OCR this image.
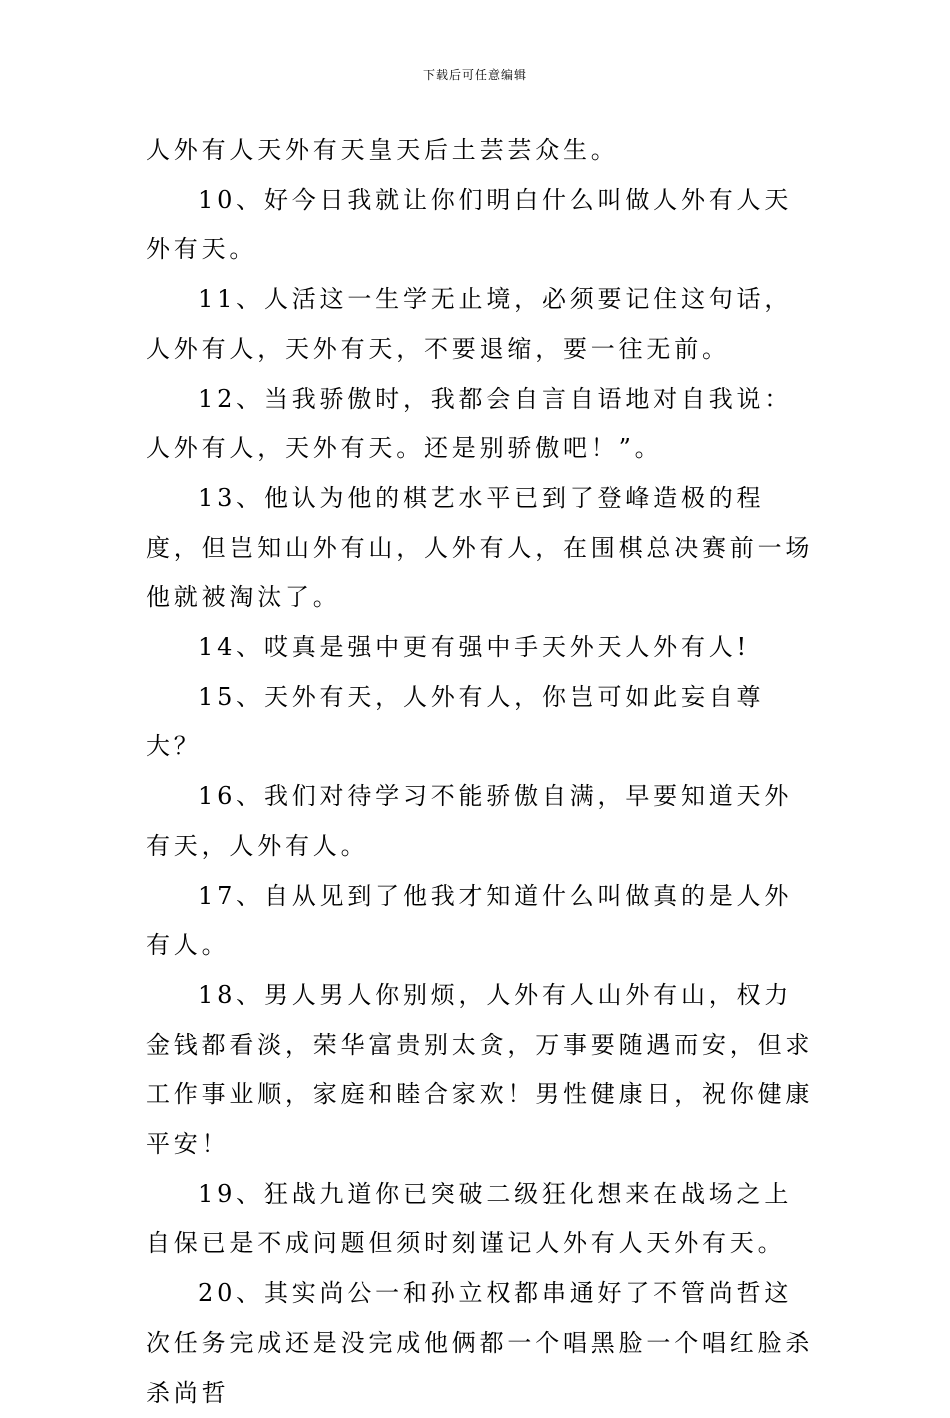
下载后可任意编辑

人外有人天外有天皇天后土芸芸众生。

10、好今日我就让你们明白什么叫做人外有人天外有天。

11、人活这一生学无止境，必须要记住这句话，人外有人，天外有天，不要退缩，要一往无前。

12、当我骄傲时，我都会自言自语地对自我说：人外有人，天外有天。还是别骄傲吧！”。

13、他认为他的棋艺水平已到了登峰造极的程度，但岂知山外有山，人外有人，在围棋总决赛前一场他就被淘汰了。

14、哎真是强中更有强中手天外天人外有人!

15、天外有天，人外有人，你岂可如此妄自尊大？

16、我们对待学习不能骄傲自满，早要知道天外有天，人外有人。

17、自从见到了他我才知道什么叫做真的是人外有人。

18、男人男人你别烦，人外有人山外有山，权力金钱都看淡，荣华富贵别太贪，万事要随遇而安，但求工作事业顺，家庭和睦合家欢！男性健康日，祝你健康平安！

19、狂战九道你已突破二级狂化想来在战场之上自保已是不成问题但须时刻谨记人外有人天外有天。

20、其实尚公一和孙立权都串通好了不管尚哲这次任务完成还是没完成他俩都一个唱黑脸一个唱红脸杀杀尚哲
